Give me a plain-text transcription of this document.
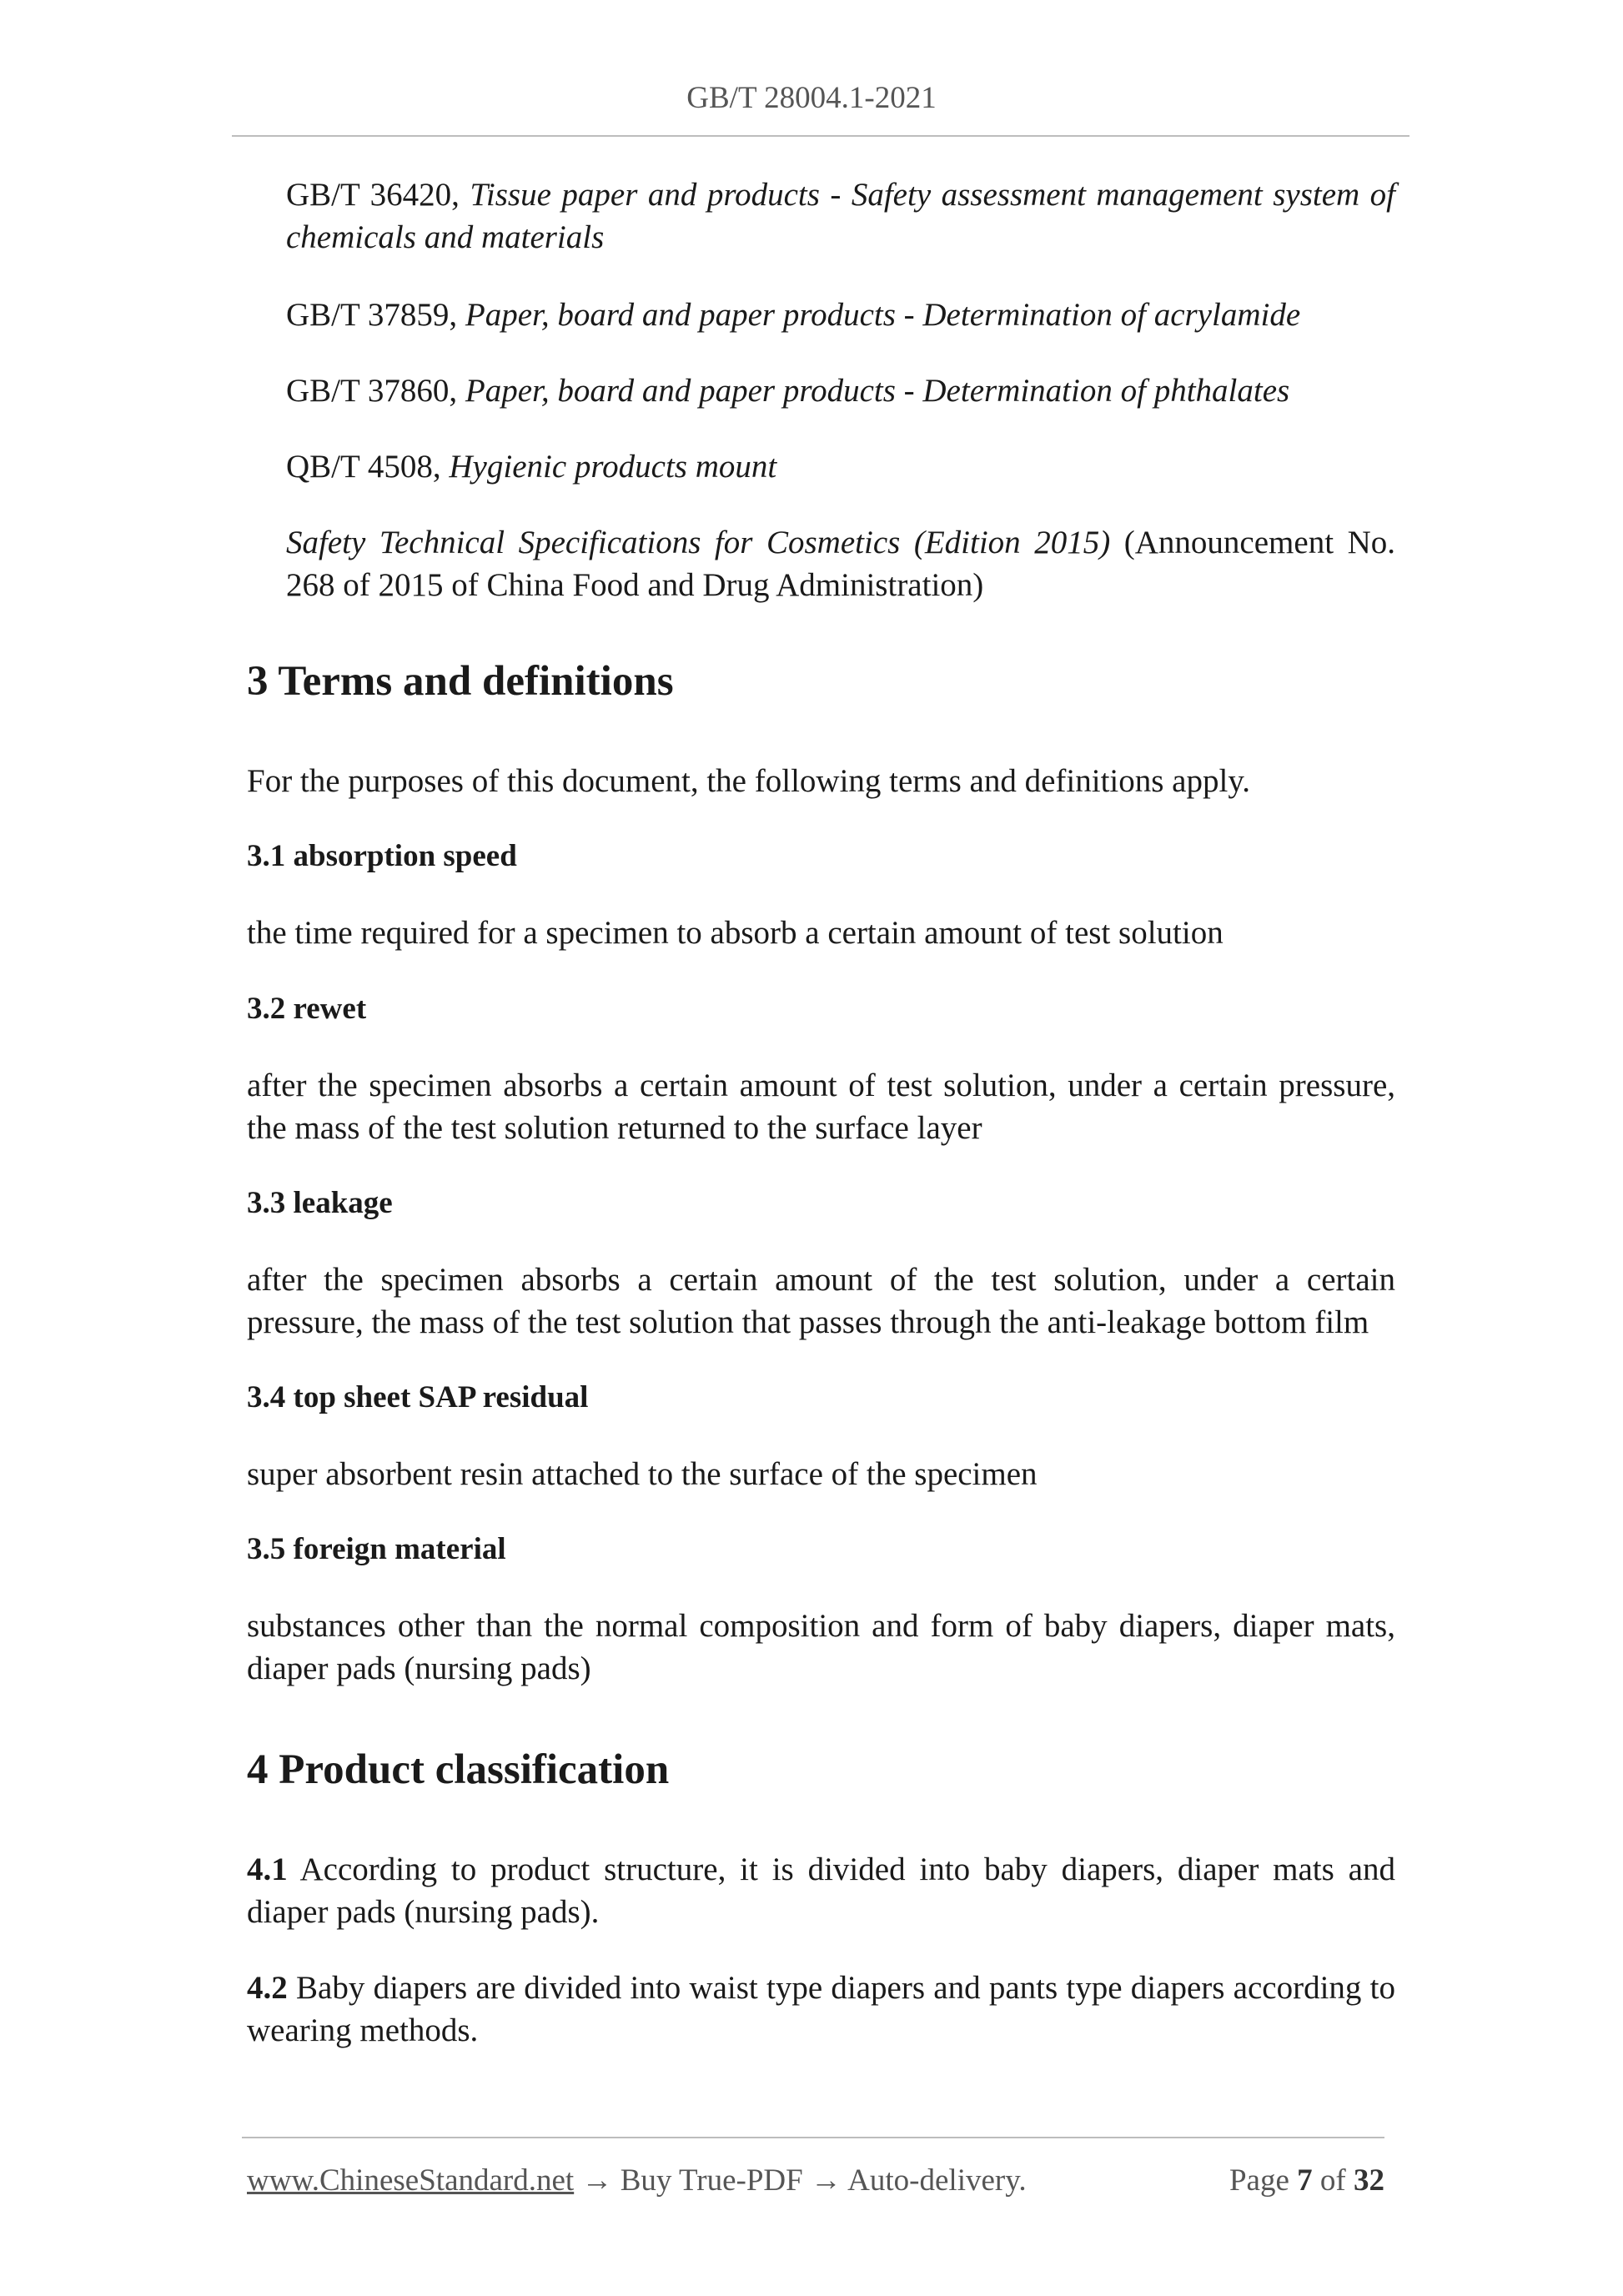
GB/T 28004.1-2021
GB/T 36420, Tissue paper and products - Safety assessment management system of chemicals and materials
GB/T 37859, Paper, board and paper products - Determination of acrylamide
GB/T 37860, Paper, board and paper products - Determination of phthalates
QB/T 4508, Hygienic products mount
Safety Technical Specifications for Cosmetics (Edition 2015) (Announcement No. 268 of 2015 of China Food and Drug Administration)
3 Terms and definitions
For the purposes of this document, the following terms and definitions apply.
3.1 absorption speed
the time required for a specimen to absorb a certain amount of test solution
3.2 rewet
after the specimen absorbs a certain amount of test solution, under a certain pressure, the mass of the test solution returned to the surface layer
3.3 leakage
after the specimen absorbs a certain amount of the test solution, under a certain pressure, the mass of the test solution that passes through the anti-leakage bottom film
3.4 top sheet SAP residual
super absorbent resin attached to the surface of the specimen
3.5 foreign material
substances other than the normal composition and form of baby diapers, diaper mats, diaper pads (nursing pads)
4 Product classification
4.1 According to product structure, it is divided into baby diapers, diaper mats and diaper pads (nursing pads).
4.2 Baby diapers are divided into waist type diapers and pants type diapers according to wearing methods.
www.ChineseStandard.net → Buy True-PDF → Auto-delivery.	Page 7 of 32
